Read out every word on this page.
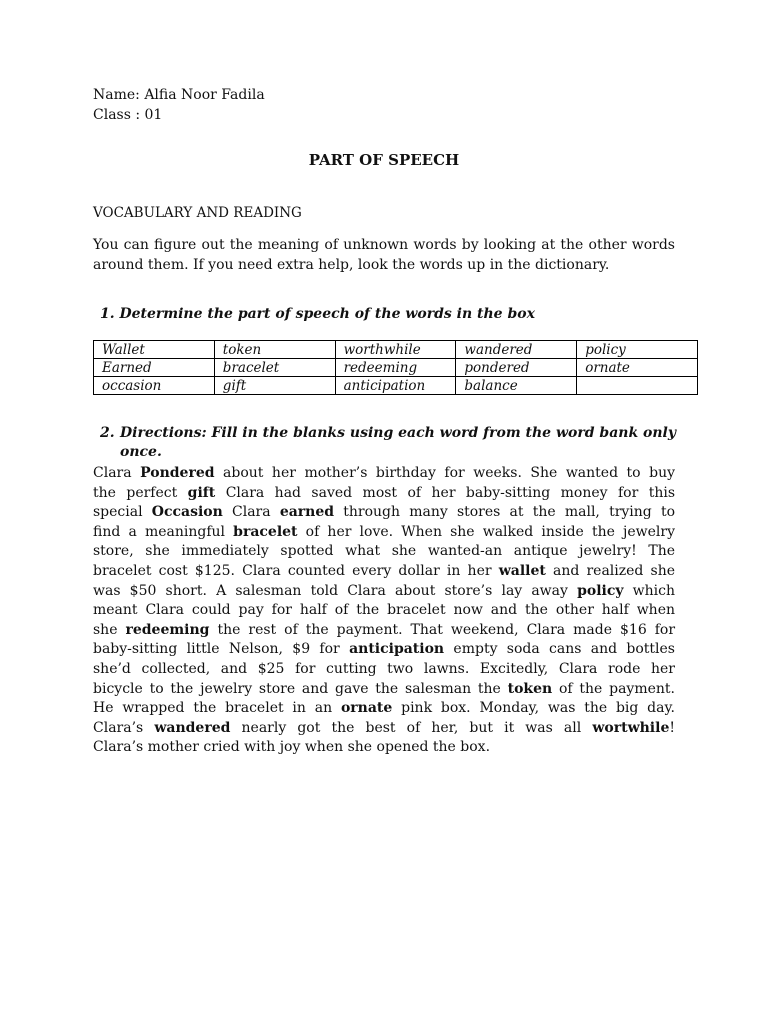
Name: Alfia Noor Fadila
Class : 01
PART OF SPEECH
VOCABULARY AND READING
You can figure out the meaning of unknown words by looking at the other words around them. If you need extra help, look the words up in the dictionary.
1. Determine the part of speech of the words in the box
Wallet	token	worthwhile	wandered	policy
Earned	bracelet	redeeming	pondered	ornate
occasion	gift	anticipation	balance	
2. Directions: Fill in the blanks using each word from the word bank only once.
Clara Pondered about her mother’s birthday for weeks. She wanted to buy
the perfect gift Clara had saved most of her baby-sitting money for this
special Occasion Clara earned through many stores at the mall, trying to
find a meaningful bracelet of her love. When she walked inside the jewelry
store, she immediately spotted what she wanted-an antique jewelry! The
bracelet cost $125. Clara counted every dollar in her wallet and realized she
was $50 short. A salesman told Clara about store’s lay away policy which
meant Clara could pay for half of the bracelet now and the other half when
she redeeming the rest of the payment. That weekend, Clara made $16 for
baby-sitting little Nelson, $9 for anticipation empty soda cans and bottles
she’d collected, and $25 for cutting two lawns. Excitedly, Clara rode her
bicycle to the jewelry store and gave the salesman the token of the payment.
He wrapped the bracelet in an ornate pink box. Monday, was the big day.
Clara’s wandered nearly got the best of her, but it was all wortwhile!
Clara’s mother cried with joy when she opened the box.
